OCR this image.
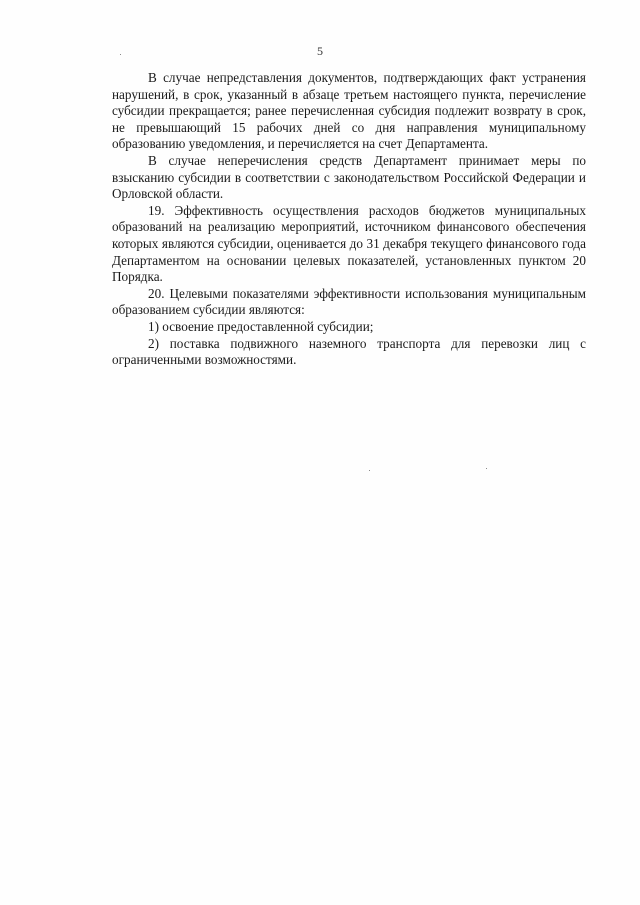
5

В случае непредставления документов, подтверждающих факт устранения нарушений, в срок, указанный в абзаце третьем настоящего пункта, перечисление субсидии прекращается; ранее перечисленная субсидия подлежит возврату в срок, не превышающий 15 рабочих дней со дня направления муниципальному образованию уведомления, и перечисляется на счет Департамента.

В случае неперечисления средств Департамент принимает меры по взысканию субсидии в соответствии с законодательством Российской Федерации и Орловской области.

19. Эффективность осуществления расходов бюджетов муниципальных образований на реализацию мероприятий, источником финансового обеспечения которых являются субсидии, оценивается до 31 декабря текущего финансового года Департаментом на основании целевых показателей, установленных пунктом 20 Порядка.

20. Целевыми показателями эффективности использования муниципальным образованием субсидии являются:

1) освоение предоставленной субсидии;

2) поставка подвижного наземного транспорта для перевозки лиц с ограниченными возможностями.
